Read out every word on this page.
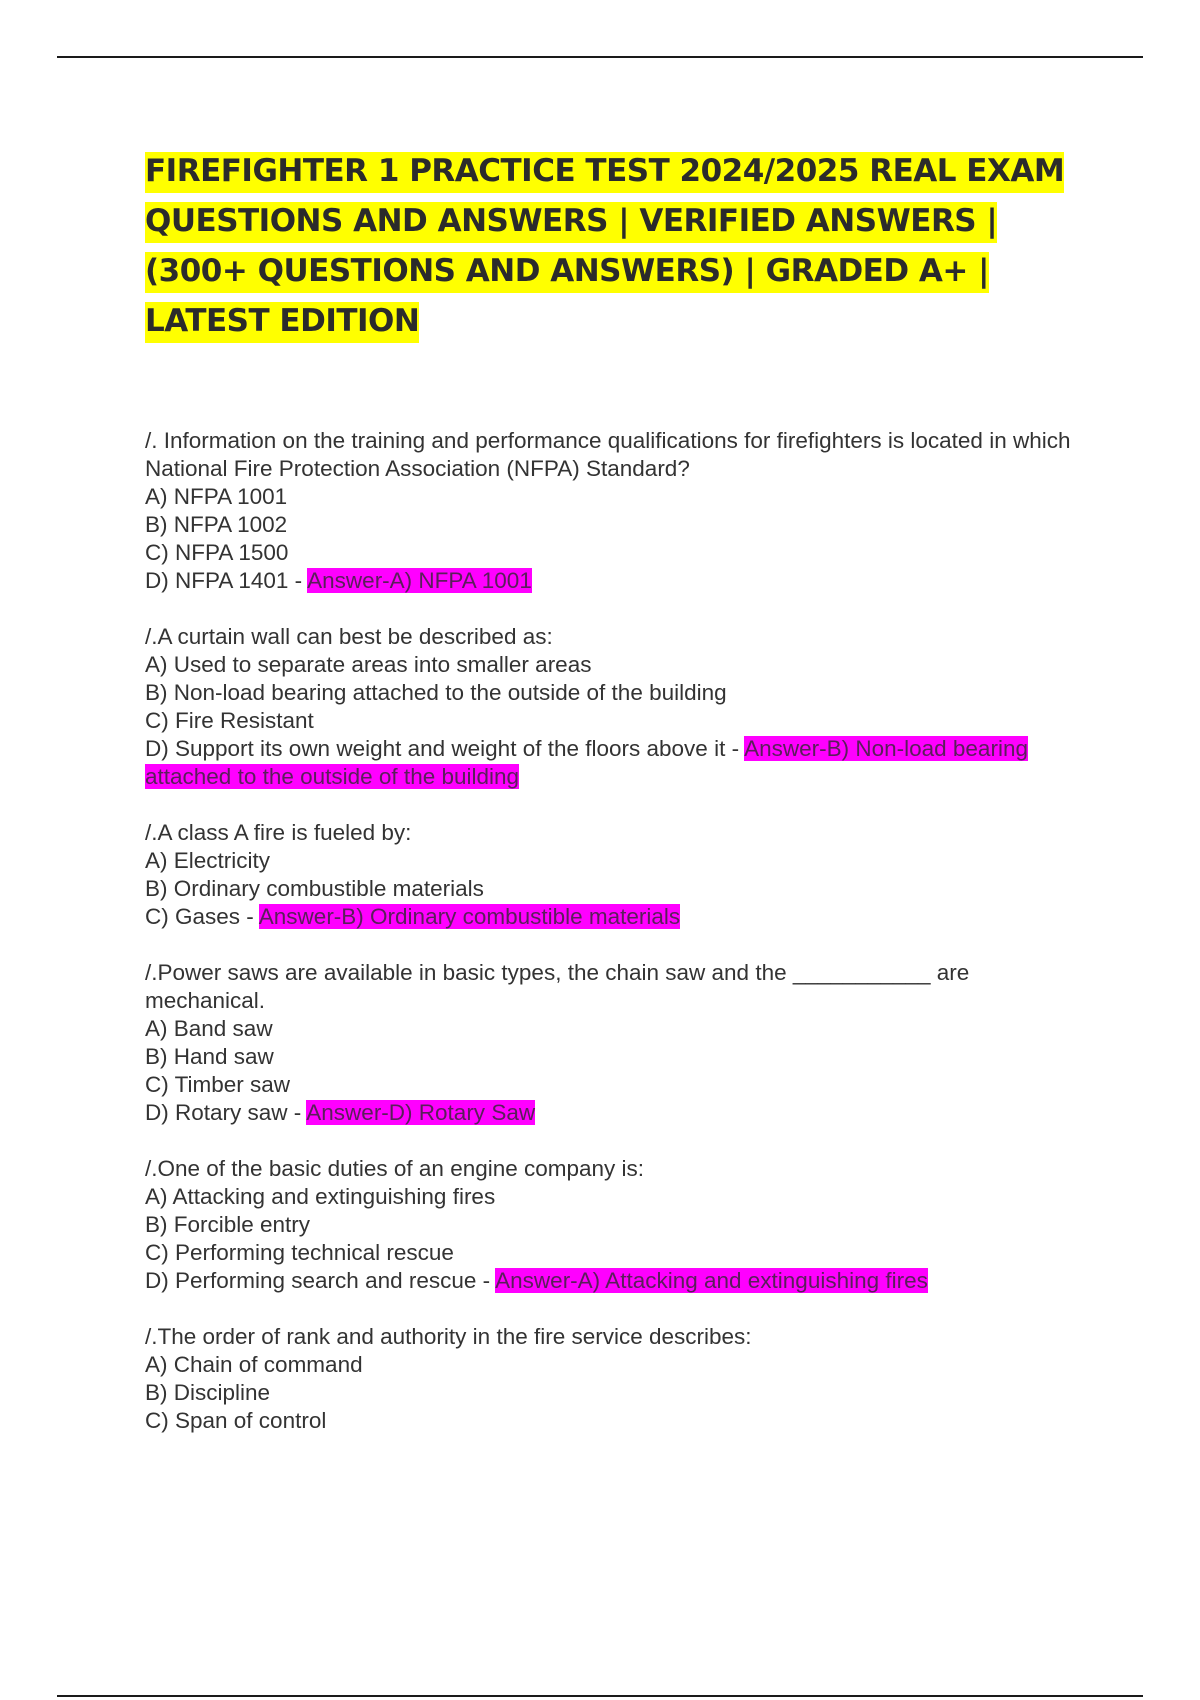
FIREFIGHTER 1 PRACTICE TEST 2024/2025 REAL EXAM QUESTIONS AND ANSWERS | VERIFIED ANSWERS | (300+ QUESTIONS AND ANSWERS) | GRADED A+ | LATEST EDITION

/. Information on the training and performance qualifications for firefighters is located in which National Fire Protection Association (NFPA) Standard?

A) NFPA 1001

B) NFPA 1002

C) NFPA 1500

D) NFPA 1401 - Answer-A) NFPA 1001

/.A curtain wall can best be described as:

A) Used to separate areas into smaller areas

B) Non-load bearing attached to the outside of the building

C) Fire Resistant

D) Support its own weight and weight of the floors above it - Answer-B) Non-load bearing attached to the outside of the building

/.A class A fire is fueled by:

A) Electricity

B) Ordinary combustible materials

C) Gases - Answer-B) Ordinary combustible materials

/.Power saws are available in basic types, the chain saw and the ___________ are mechanical.

A) Band saw

B) Hand saw

C) Timber saw

D) Rotary saw - Answer-D) Rotary Saw

/.One of the basic duties of an engine company is:

A) Attacking and extinguishing fires

B) Forcible entry

C) Performing technical rescue

D) Performing search and rescue - Answer-A) Attacking and extinguishing fires

/.The order of rank and authority in the fire service describes:

A) Chain of command

B) Discipline

C) Span of control
